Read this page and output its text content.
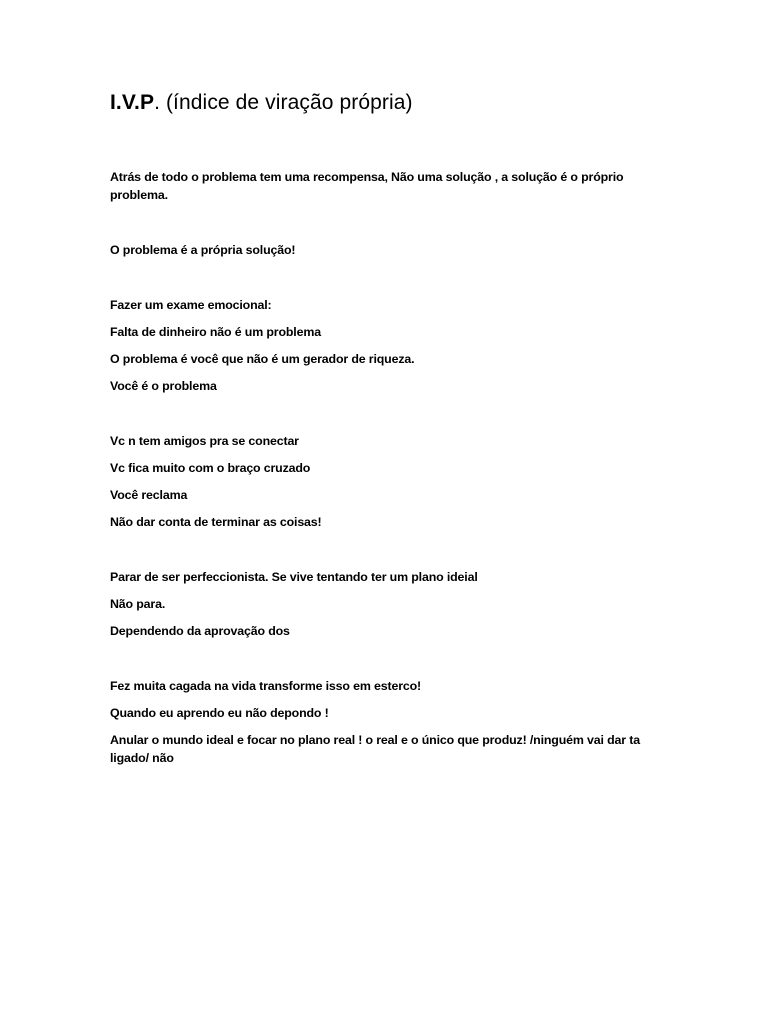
I.V.P. (índice de viração própria)

Atrás de todo o problema tem uma recompensa, Não uma solução , a solução é o próprio problema.

O problema é a própria solução!

Fazer um exame emocional:

Falta de dinheiro não é um problema

O problema é você que não é um gerador de riqueza.

Você é o problema

Vc n tem amigos pra se conectar

Vc fica muito com o braço cruzado

Você reclama

Não dar conta de terminar as coisas!

Parar de ser perfeccionista. Se vive tentando ter um plano ideial

Não para.

Dependendo da aprovação dos

Fez muita cagada na vida transforme isso em esterco!

Quando eu aprendo eu não depondo !

Anular o mundo ideal e focar no plano real ! o real e o único que produz! /ninguém vai dar ta ligado/ não
